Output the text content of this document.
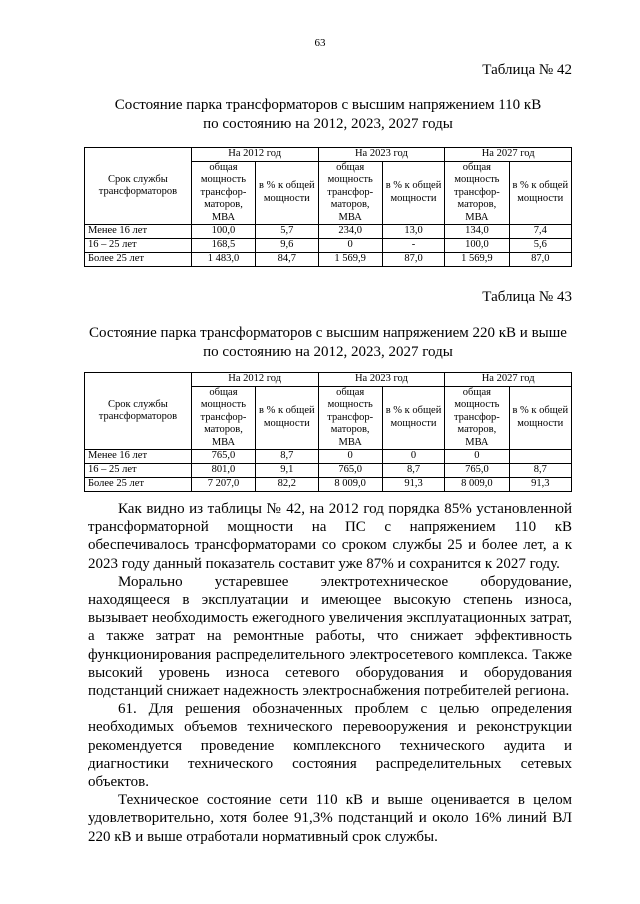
63
Таблица № 42
Состояние парка трансформаторов с высшим напряжением 110 кВ
по состоянию на 2012, 2023, 2027 годы
Срок службы трансформаторов	На 2012 год		На 2023 год		На 2027 год	
	общая мощность трансфор- маторов, МВА	в % к общей мощности	общая мощность трансфор- маторов, МВА	в % к общей мощности	общая мощность трансфор- маторов, МВА	в % к общей мощности
Менее 16 лет	100,0	5,7	234,0	13,0	134,0	7,4
16 – 25 лет	168,5	9,6	0	-	100,0	5,6
Более 25 лет	1 483,0	84,7	1 569,9	87,0	1 569,9	87,0
Таблица № 43
Состояние парка трансформаторов с высшим напряжением 220 кВ и выше
по состоянию на 2012, 2023, 2027 годы
Срок службы трансформаторов	На 2012 год		На 2023 год		На 2027 год	
	общая мощность трансфор- маторов, МВА	в % к общей мощности	общая мощность трансфор- маторов, МВА	в % к общей мощности	общая мощность трансфор- маторов, МВА	в % к общей мощности
Менее 16 лет	765,0	8,7	0	0	0	
16 – 25 лет	801,0	9,1	765,0	8,7	765,0	8,7
Более 25 лет	7 207,0	82,2	8 009,0	91,3	8 009,0	91,3

Как видно из таблицы № 42, на 2012 год порядка 85% установленной трансформаторной мощности на ПС с напряжением 110 кВ обеспечивалось трансформаторами со сроком службы 25 и более лет, а к 2023 году данный показатель составит уже 87% и сохранится к 2027 году.

Морально устаревшее электротехническое оборудование, находящееся в эксплуатации и имеющее высокую степень износа, вызывает необходимость ежегодного увеличения эксплуатационных затрат, а также затрат на ремонтные работы, что снижает эффективность функционирования распределительного электросетевого комплекса. Также высокий уровень износа сетевого оборудования и оборудования подстанций снижает надежность электроснабжения потребителей региона.

61. Для решения обозначенных проблем с целью определения необходимых объемов технического перевооружения и реконструкции рекомендуется проведение комплексного технического аудита и диагностики технического состояния распределительных сетевых объектов.

Техническое состояние сети 110 кВ и выше оценивается в целом удовлетворительно, хотя более 91,3% подстанций и около 16% линий ВЛ 220 кВ и выше отработали нормативный срок службы.
